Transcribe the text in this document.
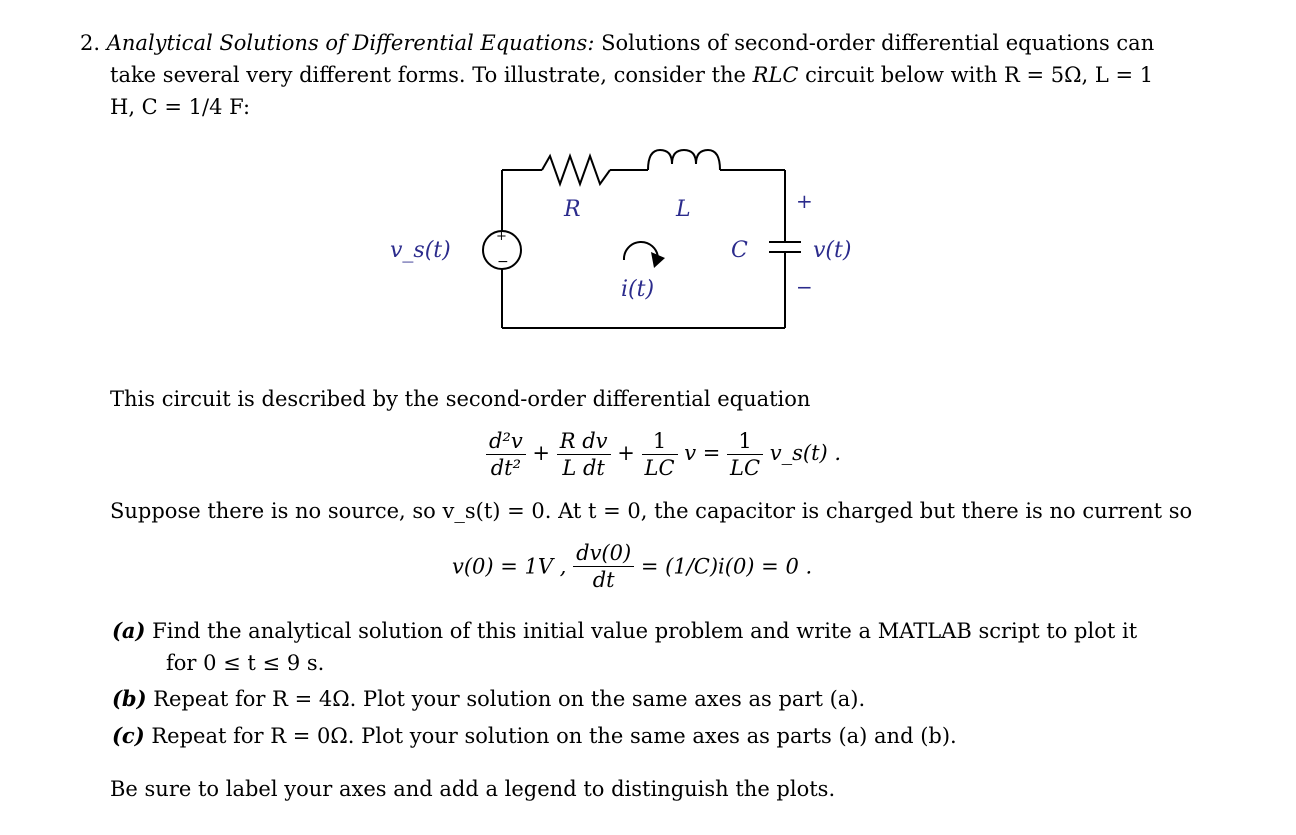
2. Analytical Solutions of Differential Equations: Solutions of second-order differential equations can
take several very different forms. To illustrate, consider the RLC circuit below with R = 5Ω, L = 1
H, C = 1/4 F:
+
−
v_s(t)
R	L
C
i(t)
v(t)
+
−
This circuit is described by the second-order differential equation
$\frac{\text{d²v}}{\text{dt²}} + \frac{\text{R dv}}{\text{L dt}} + \frac{1}{LC}$ $v = \frac{1}{LC}$ v_s(t) .
Suppose there is no source, so v_s(t) = 0. At t = 0, the capacitor is charged but there is no current so
v(0) = 1V , $\frac{dv(0)}{dt} = (1/C)i(0) = 0$ .
(a) Find the analytical solution of this initial value problem and write a MATLAB script to plot it
for 0 ≤ t ≤ 9 s.
(b) Repeat for R = 4Ω. Plot your solution on the same axes as part (a).
(c) Repeat for R = 0Ω. Plot your solution on the same axes as parts (a) and (b).
Be sure to label your axes and add a legend to distinguish the plots.
